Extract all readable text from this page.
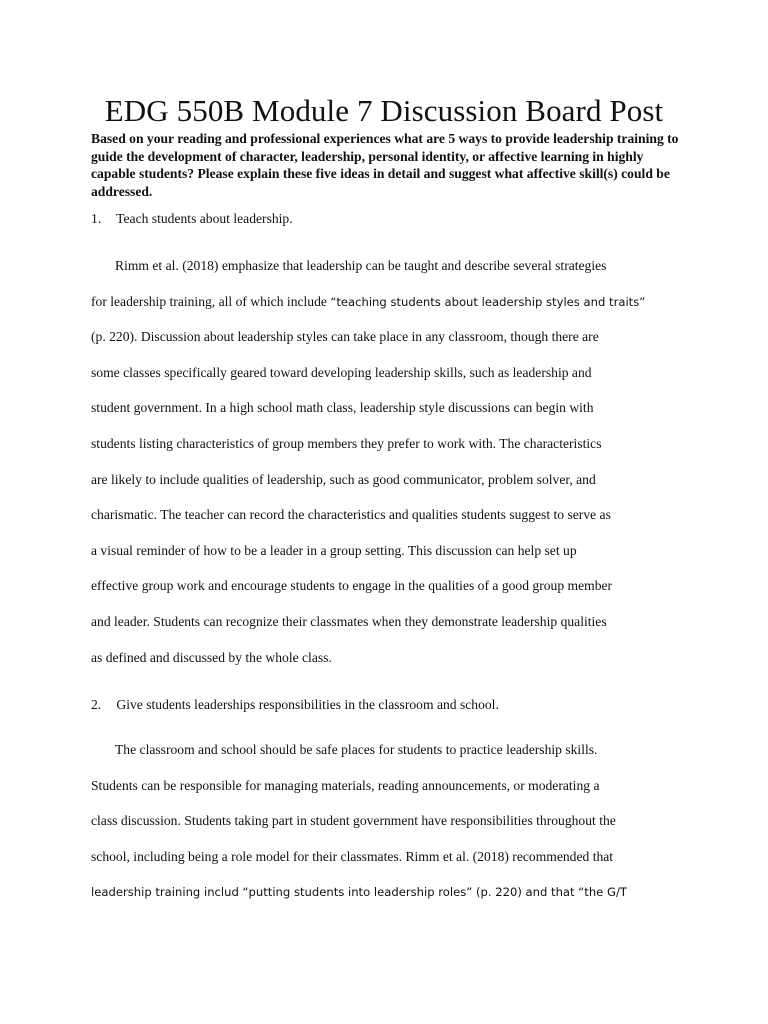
EDG 550B Module 7 Discussion Board Post

Based on your reading and professional experiences what are 5 ways to provide leadership training to guide the development of character, leadership, personal identity, or affective learning in highly capable students? Please explain these five ideas in detail and suggest what affective skill(s) could be addressed.

1. Teach students about leadership.
Rimm et al. (2018) emphasize that leadership can be taught and describe several strategies
for leadership training, all of which include “teaching students about leadership styles and traits”
(p. 220). Discussion about leadership styles can take place in any classroom, though there are
some classes specifically geared toward developing leadership skills, such as leadership and
student government. In a high school math class, leadership style discussions can begin with
students listing characteristics of group members they prefer to work with. The characteristics
are likely to include qualities of leadership, such as good communicator, problem solver, and
charismatic. The teacher can record the characteristics and qualities students suggest to serve as
a visual reminder of how to be a leader in a group setting. This discussion can help set up
effective group work and encourage students to engage in the qualities of a good group member
and leader. Students can recognize their classmates when they demonstrate leadership qualities
as defined and discussed by the whole class.
2. Give students leaderships responsibilities in the classroom and school.
The classroom and school should be safe places for students to practice leadership skills.
Students can be responsible for managing materials, reading announcements, or moderating a
class discussion. Students taking part in student government have responsibilities throughout the
school, including being a role model for their classmates. Rimm et al. (2018) recommended that
leadership training includ “putting students into leadership roles” (p. 220) and that “the G/T
